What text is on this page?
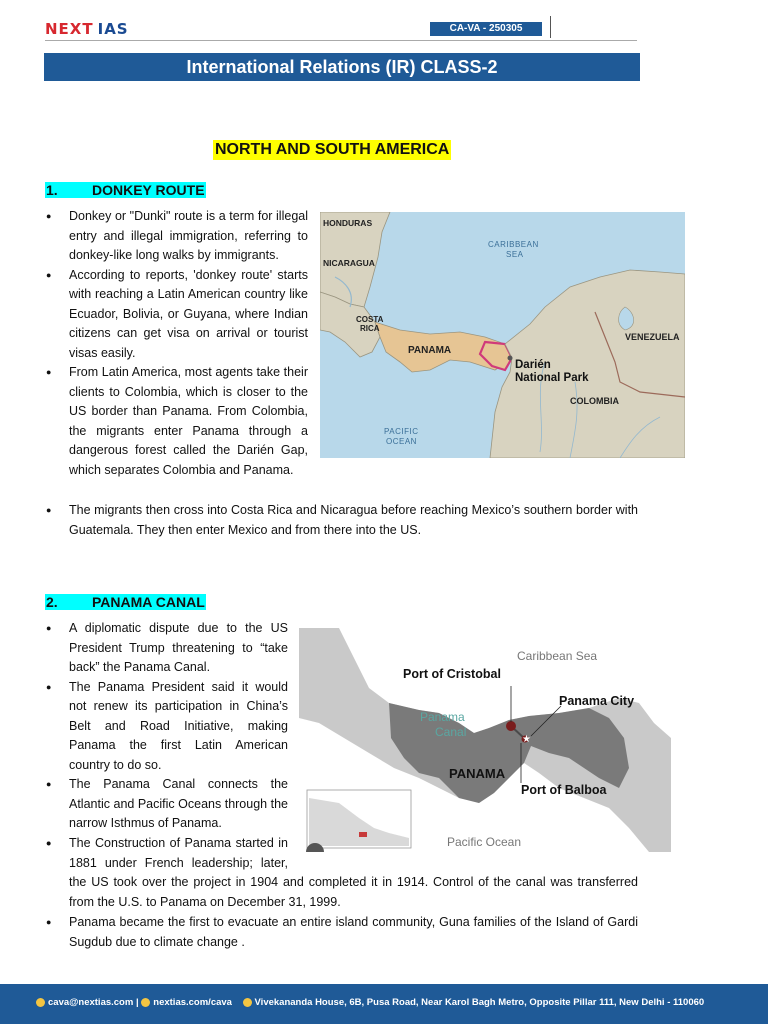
NEXT IAS	CA-VA - 250305
International Relations (IR) CLASS-2
NORTH AND SOUTH AMERICA
1. DONKEY ROUTE
● Donkey or "Dunki" route is a term for illegal entry and illegal immigration, referring to donkey-like long walks by immigrants.
● According to reports, 'donkey route' starts with reaching a Latin American country like Ecuador, Bolivia, or Guyana, where Indian citizens can get visa on arrival or tourist visas easily.
● From Latin America, most agents take their clients to Colombia, which is closer to the US border than Panama. From Colombia, the migrants enter Panama through a dangerous forest called the Darién Gap, which separates Colombia and Panama.
● The migrants then cross into Costa Rica and Nicaragua before reaching Mexico’s southern border with Guatemala. They then enter Mexico and from there into the US.
HONDURAS
NICARAGUA
CARIBBEAN
SEA
COSTA
RICA
PANAMA
VENEZUELA
Darién
National Park
COLOMBIA
PACIFIC
OCEAN
2. PANAMA CANAL
● A diplomatic dispute due to the US President Trump threatening to “take back” the Panama Canal.
● The Panama President said it would not renew its participation in China’s Belt and Road Initiative, making Panama the first Latin American country to do so.
● The Panama Canal connects the Atlantic and Pacific Oceans through the narrow Isthmus of Panama.
●	The Construction of Panama started in 1881 under French leadership; later, the US took over the project in 1904 and completed it in 1914. Control of the canal was transferred from the U.S. to Panama on December 31, 1999.
● Panama became the first to evacuate an entire island community, Guna families of the Island of Gardi Sugdub due to climate change .
★
Caribbean Sea
Port of Cristobal
Panama City
Panama
Canal
PANAMA
Port of Balboa
Pacific Ocean
cava@nextias.com | nextias.com/cava Vivekananda House, 6B, Pusa Road, Near Karol Bagh Metro, Opposite Pillar 111, New Delhi - 110060
